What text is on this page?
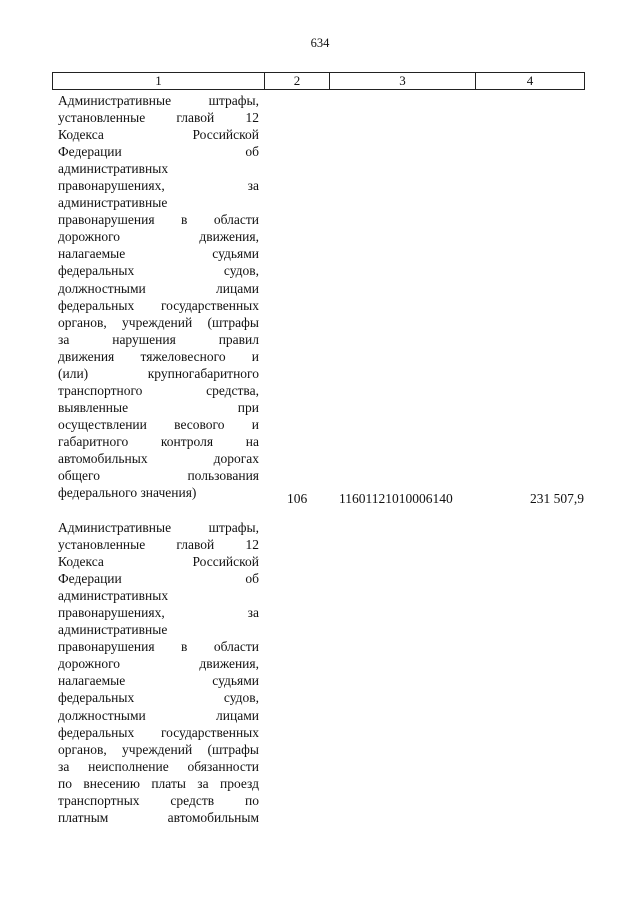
634
1	2	3	4
Административные штрафы,
установленные главой 12
Кодекса Российской
Федерации об
административных
правонарушениях, за
административные
правонарушения в области
дорожного движения,
налагаемые судьями
федеральных судов,
должностными лицами
федеральных государственных
органов, учреждений (штрафы
за нарушения правил
движения тяжеловесного и
(или) крупногабаритного
транспортного средства,
выявленные при
осуществлении весового и
габаритного контроля на
автомобильных дорогах
общего пользования
федерального значения)	106 11601121010006140	231 507,9
Административные штрафы,
установленные главой 12
Кодекса Российской
Федерации об
административных
правонарушениях, за
административные
правонарушения в области
дорожного движения,
налагаемые судьями
федеральных судов,
должностными лицами
федеральных государственных
органов, учреждений (штрафы
за неисполнение обязанности
по внесению платы за проезд
транспортных средств по
платным автомобильным
